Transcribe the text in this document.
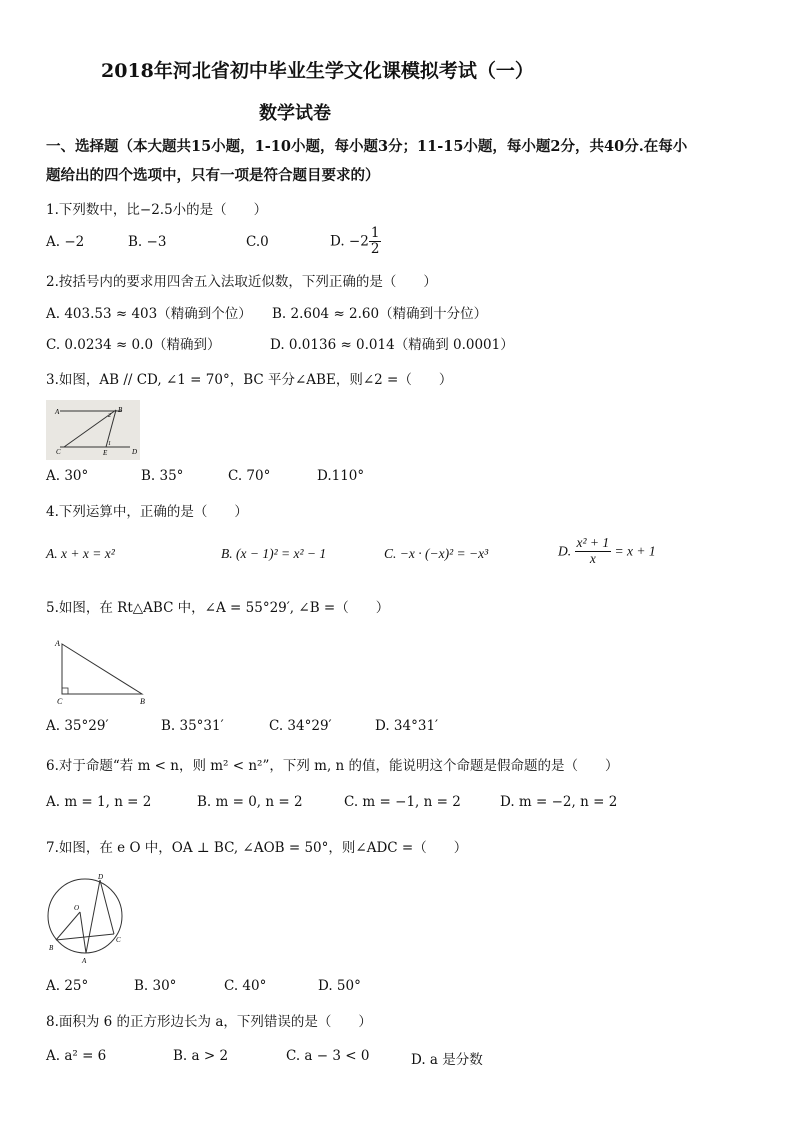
2018年河北省初中毕业生学文化课模拟考试（一）
数学试卷
一、选择题（本大题共15小题，1-10小题，每小题3分；11-15小题，每小题2分，共40分.在每小
题给出的四个选项中，只有一项是符合题目要求的）
1.下列数中，比−2.5小的是（　　）
A. −2	B. −3	C.0	D. $-2 \frac{1}{2}$
2.按括号内的要求用四舍五入法取近似数，下列正确的是（　　）
A. 403.53 ≈ 403（精确到个位） B. 2.604 ≈ 2.60（精确到十分位）
C. 0.0234 ≈ 0.0（精确到）	D. 0.0136 ≈ 0.014（精确到 0.0001）
3.如图，AB // CD, ∠1 = 70°，BC 平分∠ABE，则∠2 =（　　）
A	B
C	D
E
1
2
A. 30°	B. 35°	C. 70°	D.110°
4.下列运算中，正确的是（　　）
A. x + x = x²	B. (x − 1)² = x² − 1	C. −x · (−x)² = −x³	D. $\frac{\text{x² + 1}}{x} = x + 1$
5.如图，在 Rt△ABC 中，∠A = 55°29′, ∠B =（　　）
A
C	B
A. 35°29′	B. 35°31′	C. 34°29′	D. 34°31′
6.对于命题“若 m < n，则 m² < n²”，下列 m, n 的值，能说明这个命题是假命题的是（　　）
A. m = 1, n = 2	B. m = 0, n = 2	C. m = −1, n = 2	D. m = −2, n = 2
7.如图，在 e O 中，OA ⊥ BC, ∠AOB = 50°，则∠ADC =（　　）
O
D
B
C
A
A. 25°	B. 30°	C. 40°	D. 50°
8.面积为 6 的正方形边长为 a，下列错误的是（　　）
A. a² = 6	B. a > 2	C. a − 3 < 0	D. a 是分数
